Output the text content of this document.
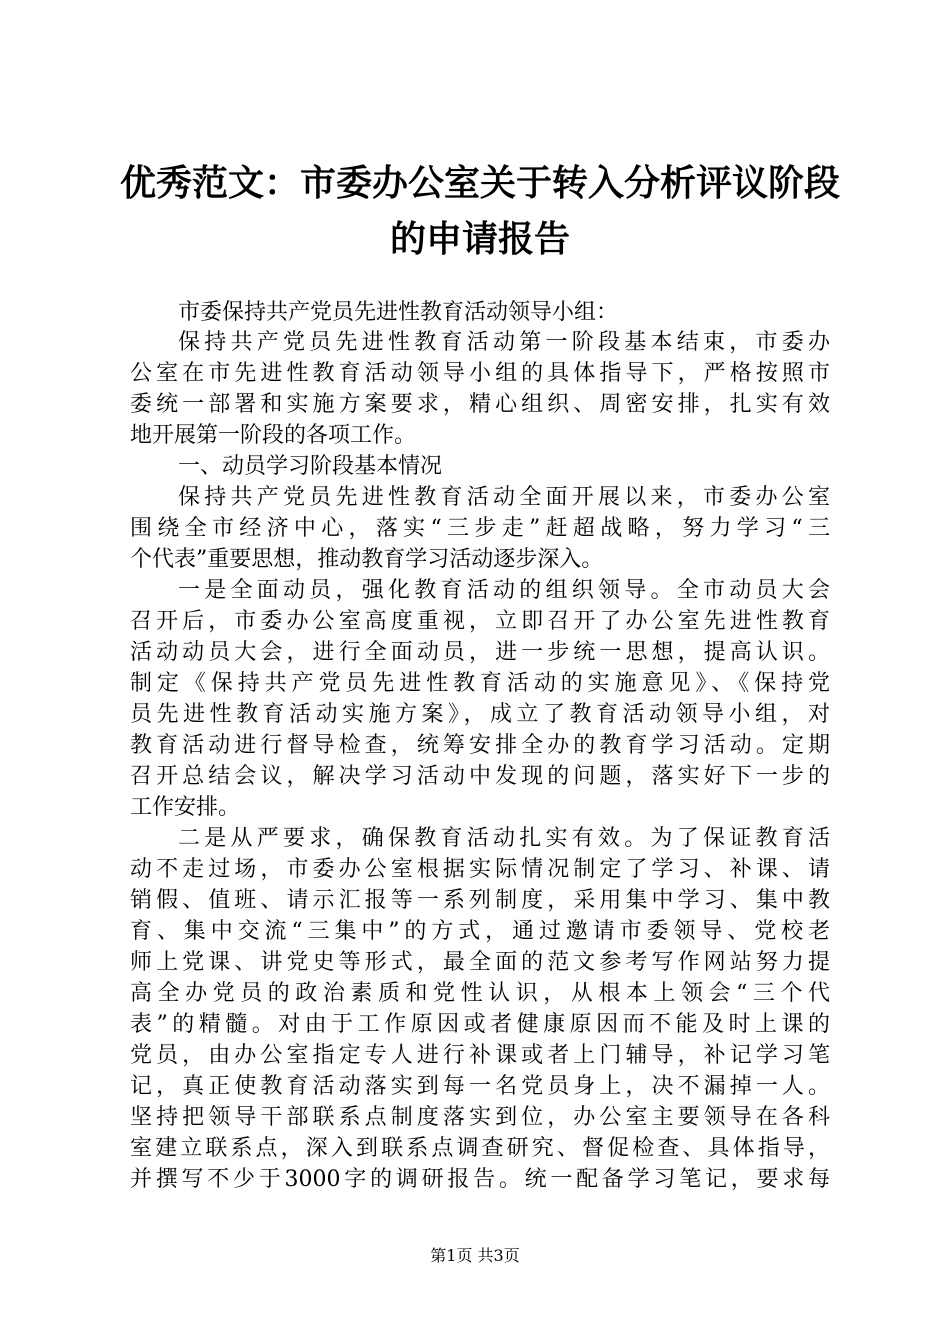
优秀范文：市委办公室关于转入分析评议阶段
的申请报告
市委保持共产党员先进性教育活动领导小组：
保持共产党员先进性教育活动第一阶段基本结束，市委办
公室在市先进性教育活动领导小组的具体指导下，严格按照市
委统一部署和实施方案要求，精心组织、周密安排，扎实有效
地开展第一阶段的各项工作。
一、动员学习阶段基本情况
保持共产党员先进性教育活动全面开展以来，市委办公室
围绕全市经济中心，落实“三步走”赶超战略，努力学习“三
个代表”重要思想，推动教育学习活动逐步深入。
一是全面动员，强化教育活动的组织领导。全市动员大会
召开后，市委办公室高度重视，立即召开了办公室先进性教育
活动动员大会，进行全面动员，进一步统一思想，提高认识。
制定《保持共产党员先进性教育活动的实施意见》、《保持党
员先进性教育活动实施方案》，成立了教育活动领导小组，对
教育活动进行督导检查，统筹安排全办的教育学习活动。定期
召开总结会议，解决学习活动中发现的问题，落实好下一步的
工作安排。
二是从严要求，确保教育活动扎实有效。为了保证教育活
动不走过场，市委办公室根据实际情况制定了学习、补课、请
销假、值班、请示汇报等一系列制度，采用集中学习、集中教
育、集中交流“三集中”的方式，通过邀请市委领导、党校老
师上党课、讲党史等形式，最全面的范文参考写作网站努力提
高全办党员的政治素质和党性认识，从根本上领会“三个代
表”的精髓。对由于工作原因或者健康原因而不能及时上课的
党员，由办公室指定专人进行补课或者上门辅导，补记学习笔
记，真正使教育活动落实到每一名党员身上，决不漏掉一人。
坚持把领导干部联系点制度落实到位，办公室主要领导在各科
室建立联系点，深入到联系点调查研究、督促检查、具体指导，
并撰写不少于3000字的调研报告。统一配备学习笔记，要求每
第1页 共3页
